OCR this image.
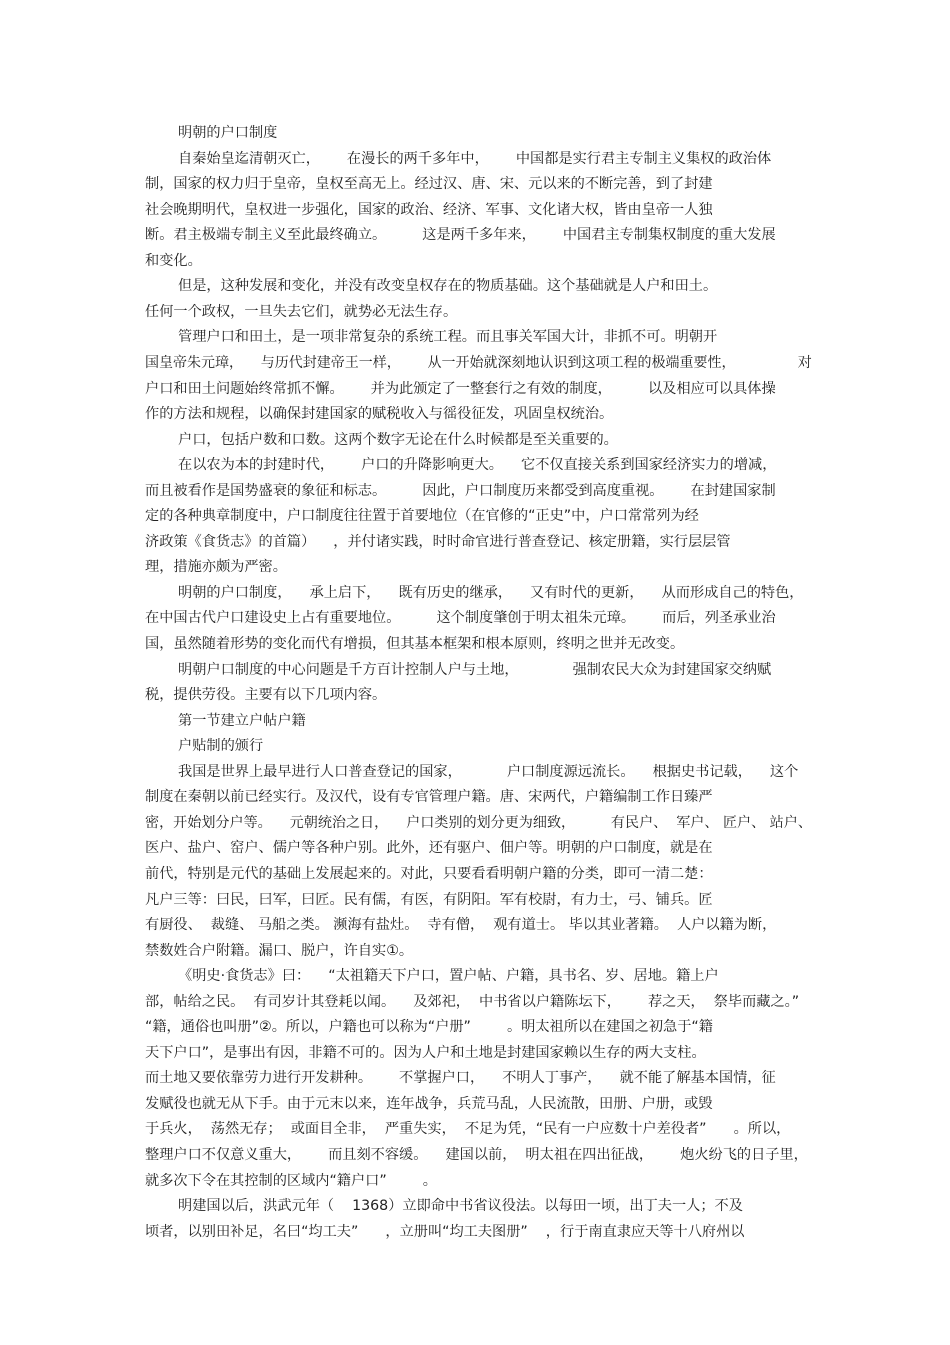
明朝的户口制度
自秦始皇迄清朝灭亡，      在漫长的两千多年中，      中国都是实行君主专制主义集权的政治体
制，国家的权力归于皇帝，皇权至高无上。经过汉、唐、宋、元以来的不断完善，到了封建
社会晚期明代，皇权进一步强化，国家的政治、经济、军事、文化诸大权，皆由皇帝一人独
断。君主极端专制主义至此最终确立。        这是两千多年来，      中国君主专制集权制度的重大发展
和变化。
但是，这种发展和变化，并没有改变皇权存在的物质基础。这个基础就是人户和田土。
任何一个政权，一旦失去它们，就势必无法生存。
管理户口和田土，是一项非常复杂的系统工程。而且事关军国大计，非抓不可。明朝开
国皇帝朱元璋，    与历代封建帝王一样，      从一开始就深刻地认识到这项工程的极端重要性，              对
户口和田土问题始终常抓不懈。      并为此颁定了一整套行之有效的制度，        以及相应可以具体操
作的方法和规程，以确保封建国家的赋税收入与徭役征发，巩固皇权统治。
户口，包括户数和口数。这两个数字无论在什么时候都是至关重要的。
在以农为本的封建时代，      户口的升降影响更大。    它不仅直接关系到国家经济实力的增减，
而且被看作是国势盛衰的象征和标志。        因此，户口制度历来都受到高度重视。      在封建国家制
定的各种典章制度中，户口制度往往置于首要地位（在官修的“正史”中，户口常常列为经
济政策《食货志》的首篇）    ，并付诸实践，时时命官进行普查登记、核定册籍，实行层层管
理，措施亦颇为严密。
明朝的户口制度，    承上启下，    既有历史的继承，    又有时代的更新，    从而形成自己的特色，
在中国古代户口建设史上占有重要地位。        这个制度肇创于明太祖朱元璋。      而后，列圣承业治
国，虽然随着形势的变化而代有增损，但其基本框架和根本原则，终明之世并无改变。
明朝户口制度的中心问题是千方百计控制人户与土地，            强制农民大众为封建国家交纳赋
税，提供劳役。主要有以下几项内容。
第一节建立户帖户籍
户贴制的颁行
我国是世界上最早进行人口普查登记的国家，          户口制度源远流长。    根据史书记载，    这个
制度在秦朝以前已经实行。及汉代，设有专官管理户籍。唐、宋两代，户籍编制工作日臻严
密，开始划分户等。    元朝统治之日，    户口类别的划分更为细致，        有民户、  军户、 匠户、 站户、
医户、盐户、窑户、儒户等各种户别。此外，还有驱户、佃户等。明朝的户口制度，就是在
前代，特别是元代的基础上发展起来的。对此，只要看看明朝户籍的分类，即可一清二楚：
凡户三等：曰民，曰军，曰匠。民有儒，有医，有阴阳。军有校尉，有力士，弓、铺兵。匠
有厨役、  裁缝、 马船之类。 濒海有盐灶。  寺有僧，  观有道士。 毕以其业著籍。  人户以籍为断，
禁数姓合户附籍。漏口、脱户，许自实①。
《明史·食货志》曰：    “太祖籍天下户口，置户帖、户籍，具书名、岁、居地。籍上户
部，帖给之民。  有司岁计其登耗以闻。    及郊祀，  中书省以户籍陈坛下，      荐之天，  祭毕而藏之。”
“籍，通俗也叫册”②。所以，户籍也可以称为“户册”        。明太祖所以在建国之初急于“籍
天下户口”，是事出有因，非籍不可的。因为人户和土地是封建国家赖以生存的两大支柱。
而土地又要依靠劳力进行开发耕种。      不掌握户口，    不明人丁事产，    就不能了解基本国情，征
发赋役也就无从下手。由于元末以来，连年战争，兵荒马乱，人民流散，田册、户册，或毁
于兵火，  荡然无存；  或面目全非，  严重失实，  不足为凭，“民有一户应数十户差役者”      。所以，
整理户口不仅意义重大，      而且刻不容缓。    建国以前，  明太祖在四出征战，      炮火纷飞的日子里，
就多次下令在其控制的区域内“籍户口”        。
明建国以后，洪武元年（    1368）立即命中书省议役法。以每田一顷，出丁夫一人；不及
顷者，以别田补足，名曰“均工夫”      ，立册叫“均工夫图册”    ，行于南直隶应天等十八府州以
